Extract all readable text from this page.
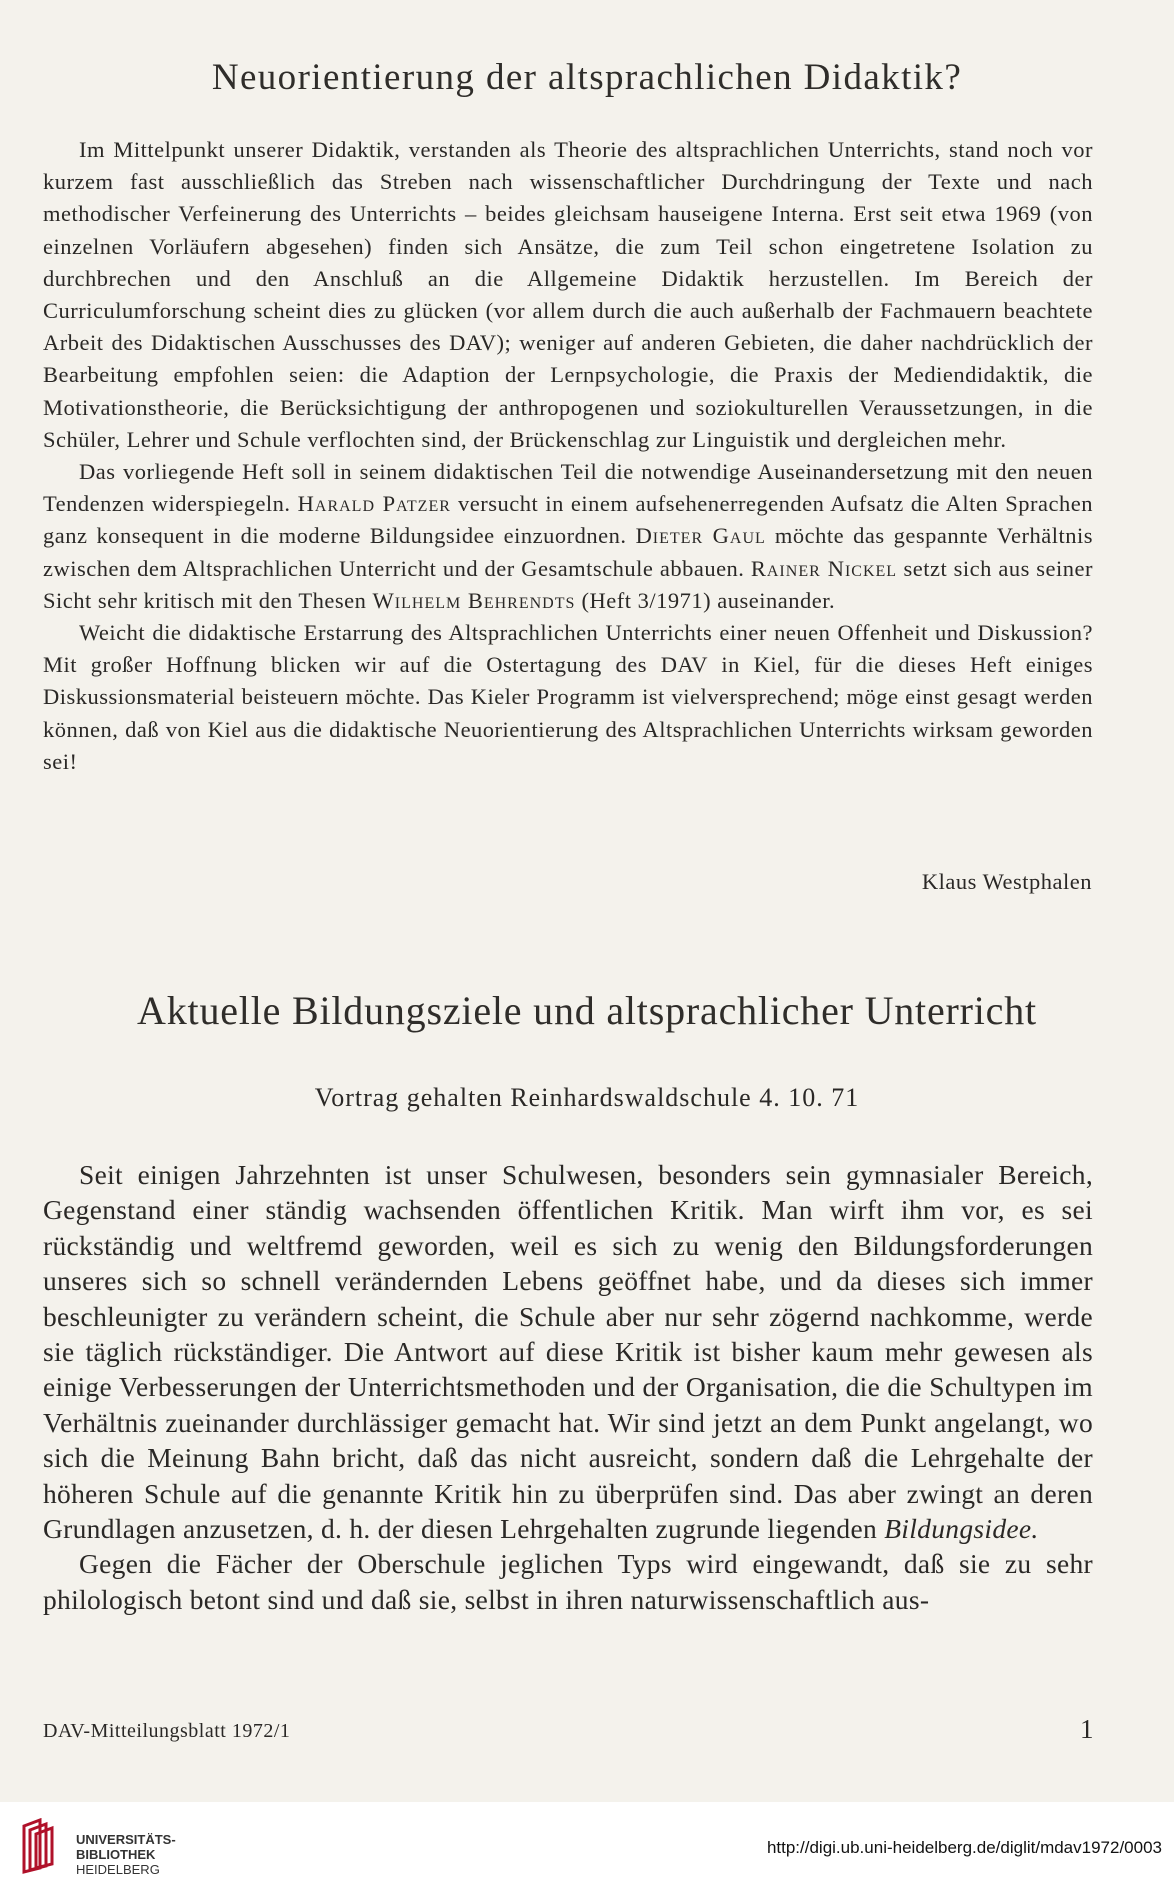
Neuorientierung der altsprachlichen Didaktik?

Im Mittelpunkt unserer Didaktik, verstanden als Theorie des altsprachlichen Unterrichts, stand noch vor kurzem fast ausschließlich das Streben nach wissenschaftlicher Durchdringung der Texte und nach methodischer Verfeinerung des Unterrichts – beides gleichsam hauseigene Interna. Erst seit etwa 1969 (von einzelnen Vorläufern abgesehen) finden sich Ansätze, die zum Teil schon eingetretene Isolation zu durchbrechen und den Anschluß an die Allgemeine Didaktik herzustellen. Im Bereich der Curriculumforschung scheint dies zu glücken (vor allem durch die auch außerhalb der Fachmauern beachtete Arbeit des Didaktischen Ausschusses des DAV); weniger auf anderen Gebieten, die daher nachdrücklich der Bearbeitung empfohlen seien: die Adaption der Lernpsychologie, die Praxis der Mediendidaktik, die Motivationstheorie, die Berücksichtigung der anthropogenen und soziokulturellen Veraussetzungen, in die Schüler, Lehrer und Schule verflochten sind, der Brückenschlag zur Linguistik und dergleichen mehr.

Das vorliegende Heft soll in seinem didaktischen Teil die notwendige Auseinandersetzung mit den neuen Tendenzen widerspiegeln. Harald Patzer versucht in einem aufsehenerregenden Aufsatz die Alten Sprachen ganz konsequent in die moderne Bildungsidee einzuordnen. Dieter Gaul möchte das gespannte Verhältnis zwischen dem Altsprachlichen Unterricht und der Gesamtschule abbauen. Rainer Nickel setzt sich aus seiner Sicht sehr kritisch mit den Thesen Wilhelm Behrendts (Heft 3/1971) auseinander.

Weicht die didaktische Erstarrung des Altsprachlichen Unterrichts einer neuen Offenheit und Diskussion? Mit großer Hoffnung blicken wir auf die Ostertagung des DAV in Kiel, für die dieses Heft einiges Diskussionsmaterial beisteuern möchte. Das Kieler Programm ist vielversprechend; möge einst gesagt werden können, daß von Kiel aus die didaktische Neuorientierung des Altsprachlichen Unterrichts wirksam geworden sei!

Klaus Westphalen
Aktuelle Bildungsziele und altsprachlicher Unterricht
Vortrag gehalten Reinhardswaldschule 4. 10. 71

Seit einigen Jahrzehnten ist unser Schulwesen, besonders sein gymnasialer Bereich, Gegenstand einer ständig wachsenden öffentlichen Kritik. Man wirft ihm vor, es sei rückständig und weltfremd geworden, weil es sich zu wenig den Bildungsforderungen unseres sich so schnell verändernden Lebens geöffnet habe, und da dieses sich immer beschleunigter zu verändern scheint, die Schule aber nur sehr zögernd nachkomme, werde sie täglich rückständiger. Die Antwort auf diese Kritik ist bisher kaum mehr gewesen als einige Verbesserungen der Unterrichtsmethoden und der Organisation, die die Schultypen im Verhältnis zueinander durchlässiger gemacht hat. Wir sind jetzt an dem Punkt angelangt, wo sich die Meinung Bahn bricht, daß das nicht ausreicht, sondern daß die Lehrgehalte der höheren Schule auf die genannte Kritik hin zu überprüfen sind. Das aber zwingt an deren Grundlagen anzusetzen, d. h. der diesen Lehrgehalten zugrunde liegenden Bildungsidee.

Gegen die Fächer der Oberschule jeglichen Typs wird eingewandt, daß sie zu sehr philologisch betont sind und daß sie, selbst in ihren naturwissenschaftlich aus-

DAV-Mitteilungsblatt 1972/1	1
UNIVERSITÄTS-
BIBLIOTHEK
HEIDELBERG
http://digi.ub.uni-heidelberg.de/diglit/mdav1972/0003
